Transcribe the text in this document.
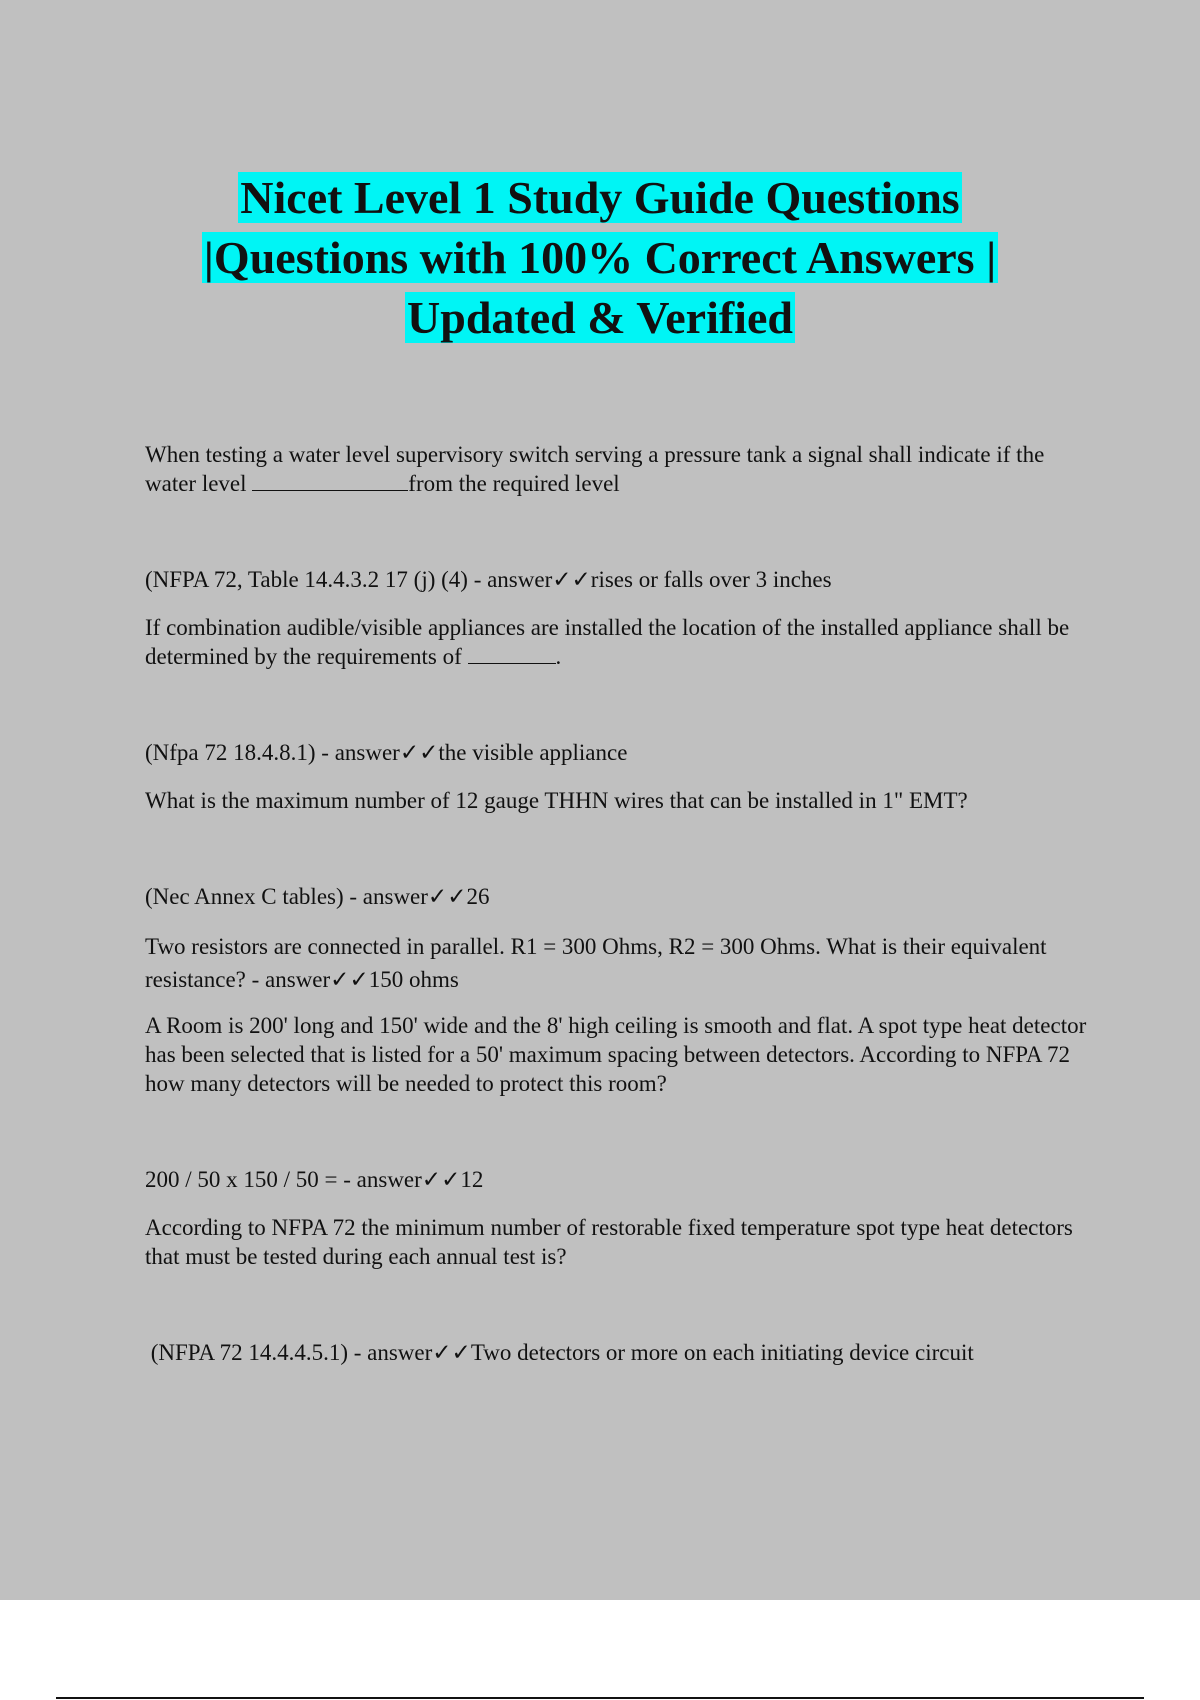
Nicet Level 1 Study Guide Questions
|Questions with 100% Correct Answers |
Updated & Verified

When testing a water level supervisory switch serving a pressure tank a signal shall indicate if the water level	from the required level

(NFPA 72, Table 14.4.3.2 17 (j) (4) - answer✓✓rises or falls over 3 inches

If combination audible/visible appliances are installed the location of the installed appliance shall be determined by the requirements of	.

(Nfpa 72 18.4.8.1) - answer✓✓the visible appliance

What is the maximum number of 12 gauge THHN wires that can be installed in 1" EMT?

(Nec Annex C tables) - answer✓✓26

Two resistors are connected in parallel. R1 = 300 Ohms, R2 = 300 Ohms. What is their equivalent resistance? - answer✓✓150 ohms

A Room is 200' long and 150' wide and the 8' high ceiling is smooth and flat. A spot type heat detector has been selected that is listed for a 50' maximum spacing between detectors. According to NFPA 72 how many detectors will be needed to protect this room?

200 / 50 x 150 / 50 = - answer✓✓12

According to NFPA 72 the minimum number of restorable fixed temperature spot type heat detectors that must be tested during each annual test is?

(NFPA 72 14.4.4.5.1) - answer✓✓Two detectors or more on each initiating device circuit
